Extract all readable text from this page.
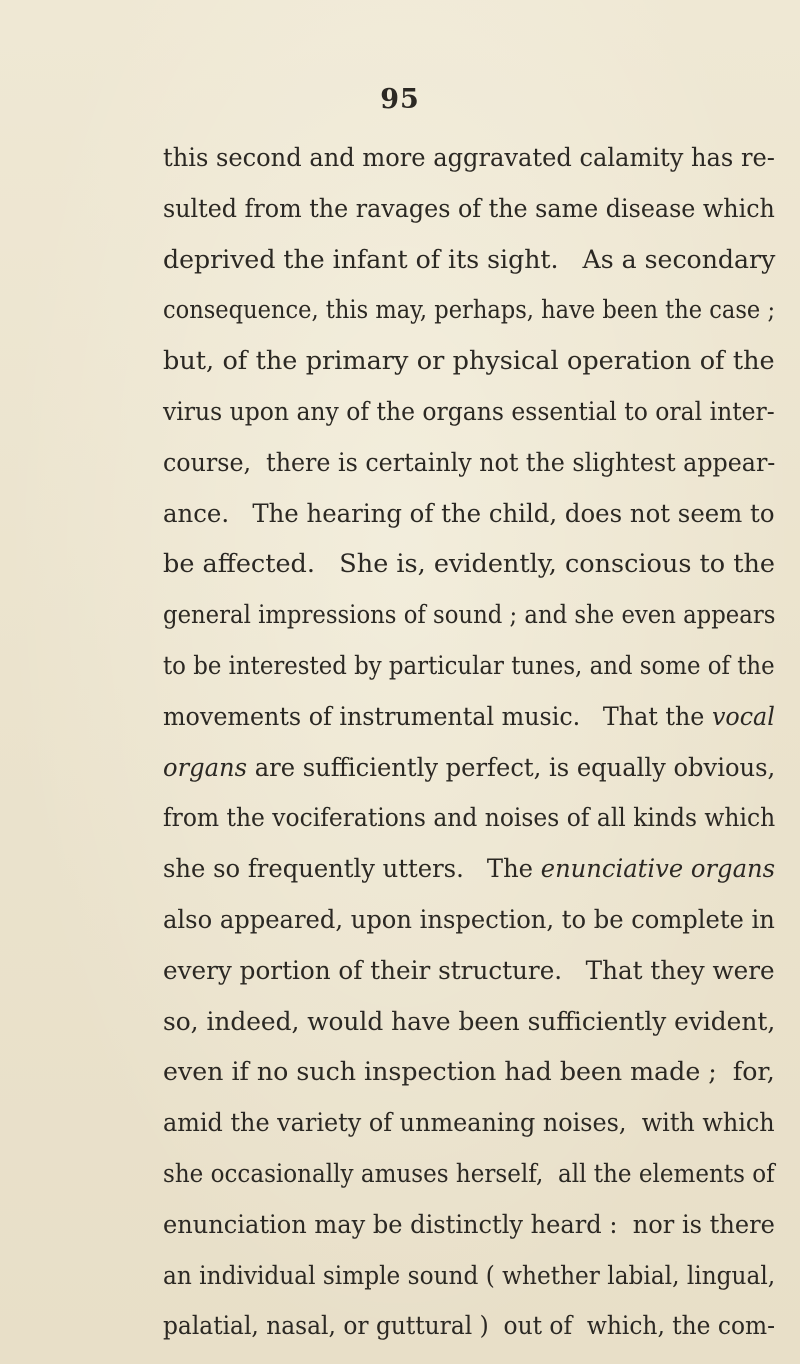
95
this second and more aggravated calamity has re-
sulted from the ravages of the same disease which
deprived the infant of its sight.   As a secondary
consequence, this may, perhaps, have been the case ;
but, of the primary or physical operation of the
virus upon any of the organs essential to oral inter-
course,  there is certainly not the slightest appear-
ance.   The hearing of the child, does not seem to
be affected.   She is, evidently, conscious to the
general impressions of sound ; and she even appears
to be interested by particular tunes, and some of the
movements of instrumental music.   That the vocal
organs are sufficiently perfect, is equally obvious,
from the vociferations and noises of all kinds which
she so frequently utters.   The enunciative organs
also appeared, upon inspection, to be complete in
every portion of their structure.   That they were
so, indeed, would have been sufficiently evident,
even if no such inspection had been made ;  for,
amid the variety of unmeaning noises,  with which
she occasionally amuses herself,  all the elements of
enunciation may be distinctly heard :  nor is there
an individual simple sound ( whether labial, lingual,
palatial, nasal, or guttural )  out of  which, the com-
